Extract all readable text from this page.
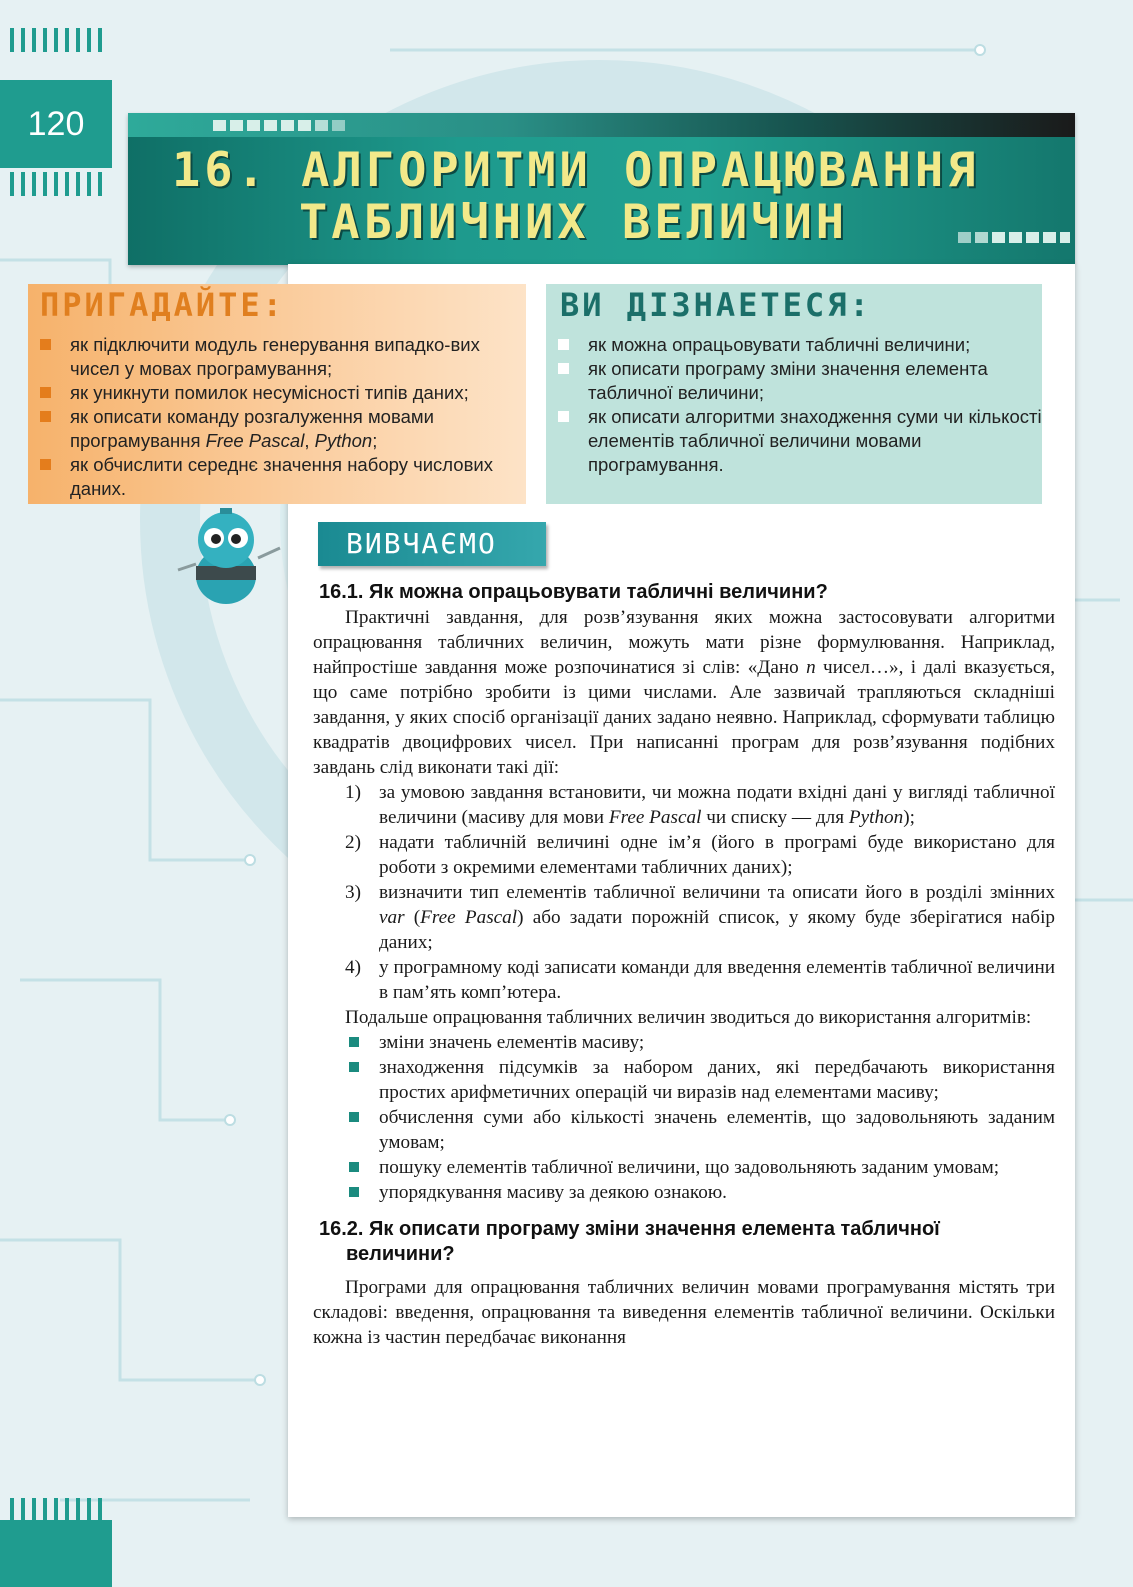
120
16. АЛГОРИТМИ ОПРАЦЮВАННЯ
ТАБЛИЧНИХ ВЕЛИЧИН
ПРИГАДАЙТЕ:
як підключити модуль генерування випадко-вих чисел у мовах програмування;
як уникнути помилок несумісності типів даних;
як описати команду розгалуження мовами програмування Free Pascal, Python;
як обчислити середнє значення набору числових даних.
ВИ ДІЗНАЕТЕСЯ:
як можна опрацьовувати табличні величини;
як описати програму зміни значення елемента табличної величини;
як описати алгоритми знаходження суми чи кількості елементів табличної величини мовами програмування.
ВИВЧАЄМО
16.1. Як можна опрацьовувати табличні величини?

Практичні завдання, для розв’язування яких можна застосовувати алгоритми опрацювання табличних величин, можуть мати різне формулювання. Наприклад, найпростіше завдання може розпочинатися зі слів: «Дано n чисел…», і далі вказується, що саме потрібно зробити із цими числами. Але зазвичай трапляються складніші завдання, у яких спосіб організації даних задано неявно. Наприклад, сформувати таблицю квадратів двоцифрових чисел. При написанні програм для розв’язування подібних завдань слід виконати такі дії:

1) за умовою завдання встановити, чи можна подати вхідні дані у вигляді табличної величини (масиву для мови Free Pascal чи списку — для Python);
2) надати табличній величині одне ім’я (його в програмі буде використано для роботи з окремими елементами табличних даних);
3) визначити тип елементів табличної величини та описати його в розділі змінних var (Free Pascal) або задати порожній список, у якому буде зберігатися набір даних;
4) у програмному коді записати команди для введення елементів табличної величини в пам’ять комп’ютера.

Подальше опрацювання табличних величин зводиться до використання алгоритмів:

зміни значень елементів масиву;
знаходження підсумків за набором даних, які передбачають використання простих арифметичних операцій чи виразів над елементами масиву;
обчислення суми або кількості значень елементів, що задовольняють заданим умовам;
пошуку елементів табличної величини, що задовольняють заданим умовам;
упорядкування масиву за деякою ознакою.
16.2. Як описати програму зміни значення елемента табличної
величини?

Програми для опрацювання табличних величин мовами програмування містять три складові: введення, опрацювання та виведення елементів табличної величини. Оскільки кожна із частин передбачає виконання
